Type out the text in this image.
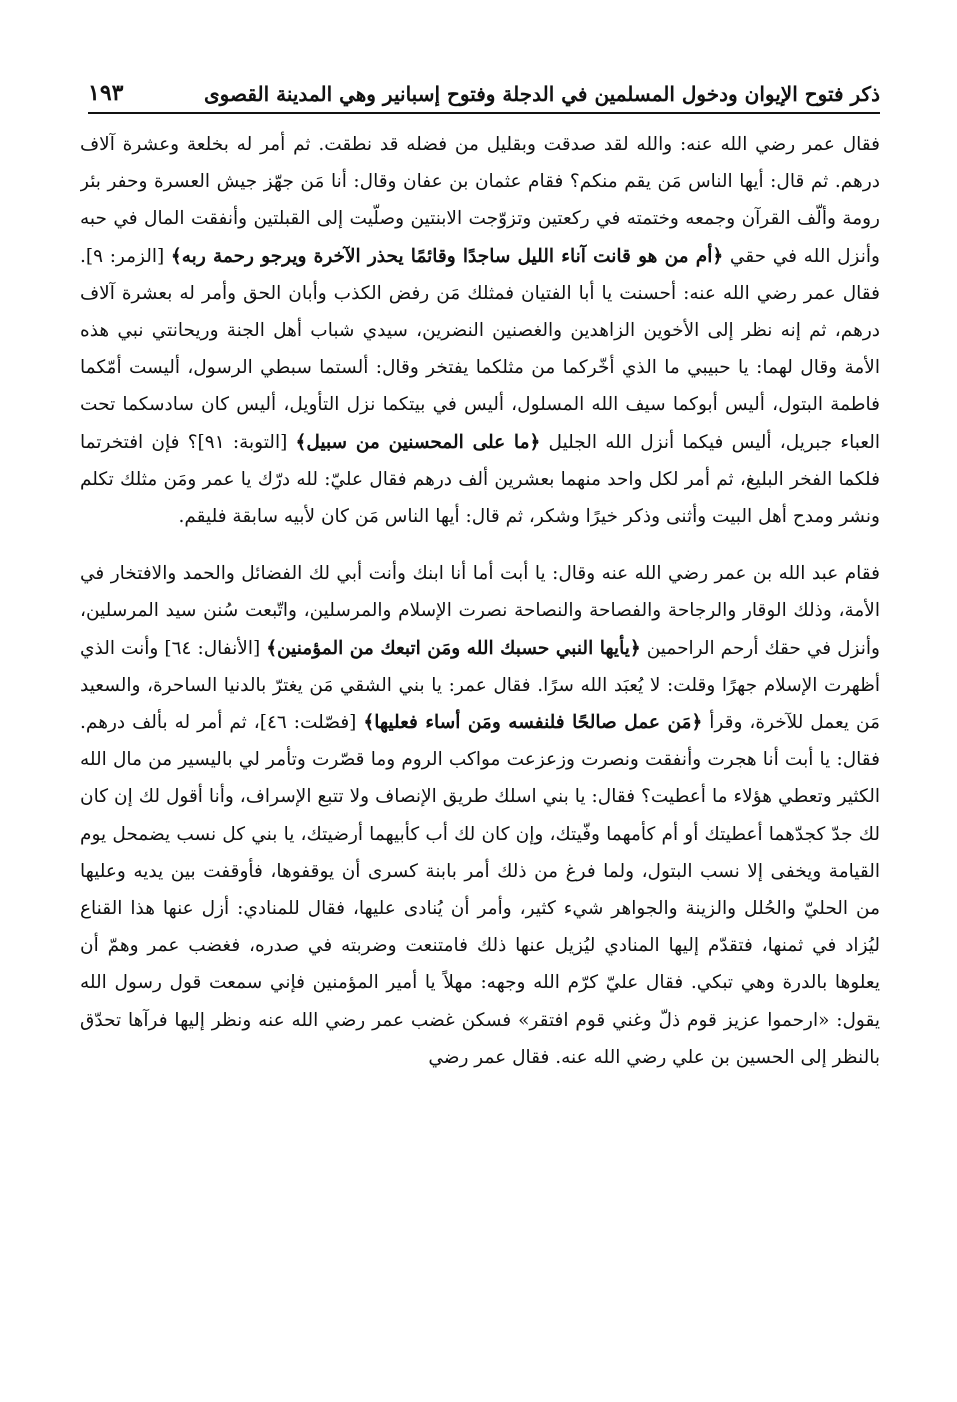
ذكر فتوح الإيوان ودخول المسلمين في الدجلة وفتوح إسبانير وهي المدينة القصوى
١٩٣

فقال عمر رضي الله عنه: والله لقد صدقت وبقليل من فضله قد نطقت. ثم أمر له بخلعة وعشرة آلاف درهم. ثم قال: أيها الناس مَن يقم منكم؟ فقام عثمان بن عفان وقال: أنا مَن جهّز جيش العسرة وحفر بئر رومة وألّف القرآن وجمعه وختمته في ركعتين وتزوّجت الابنتين وصلّيت إلى القبلتين وأنفقت المال في حبه وأنزل الله في حقي ﴿أم من هو قانت آناء الليل ساجدًا وقائمًا يحذر الآخرة ويرجو رحمة ربه﴾ [الزمر: ٩]. فقال عمر رضي الله عنه: أحسنت يا أبا الفتيان فمثلك مَن رفض الكذب وأبان الحق وأمر له بعشرة آلاف درهم، ثم إنه نظر إلى الأخوين الزاهدين والغصنين النضرين، سيدي شباب أهل الجنة وريحانتي نبي هذه الأمة وقال لهما: يا حبيبي ما الذي أخّركما من مثلكما يفتخر وقال: ألستما سبطي الرسول، أليست أمّكما فاطمة البتول، أليس أبوكما سيف الله المسلول، أليس في بيتكما نزل التأويل، أليس كان سادسكما تحت العباء جبريل، أليس فيكما أنزل الله الجليل ﴿ما على المحسنين من سبيل﴾ [التوبة: ٩١]؟ فإن افتخرتما فلكما الفخر البليغ، ثم أمر لكل واحد منهما بعشرين ألف درهم فقال عليّ: لله درّك يا عمر ومَن مثلك تكلم ونشر ومدح أهل البيت وأثنى وذكر خيرًا وشكر، ثم قال: أيها الناس مَن كان لأبيه سابقة فليقم.

فقام عبد الله بن عمر رضي الله عنه وقال: يا أبت أما أنا ابنك وأنت أبي لك الفضائل والحمد والافتخار في الأمة، وذلك الوقار والرجاحة والفصاحة والنصاحة نصرت الإسلام والمرسلين، واتّبعت سُنن سيد المرسلين، وأنزل في حقك أرحم الراحمين ﴿يأيها النبي حسبك الله ومَن اتبعك من المؤمنين﴾ [الأنفال: ٦٤] وأنت الذي أظهرت الإسلام جهرًا وقلت: لا يُعبَد الله سرًا. فقال عمر: يا بني الشقي مَن يغترّ بالدنيا الساحرة، والسعيد مَن يعمل للآخرة، وقرأ ﴿مَن عمل صالحًا فلنفسه ومَن أساء فعليها﴾ [فصّلت: ٤٦]، ثم أمر له بألف درهم. فقال: يا أبت أنا هجرت وأنفقت ونصرت وزعزعت مواكب الروم وما قصّرت وتأمر لي باليسير من مال الله الكثير وتعطي هؤلاء ما أعطيت؟ فقال: يا بني اسلك طريق الإنصاف ولا تتبع الإسراف، وأنا أقول لك إن كان لك جدّ كجدّهما أعطيتك أو أم كأمهما وفّيتك، وإن كان لك أب كأبيهما أرضيتك، يا بني كل نسب يضمحل يوم القيامة ويخفى إلا نسب البتول، ولما فرغ من ذلك أمر بابنة كسرى أن يوقفوها، فأوقفت بين يديه وعليها من الحليّ والحُلل والزينة والجواهر شيء كثير، وأمر أن يُنادى عليها، فقال للمنادي: أزل عنها هذا القناع ليُزاد في ثمنها، فتقدّم إليها المنادي ليُزيل عنها ذلك فامتنعت وضربته في صدره، فغضب عمر وهمّ أن يعلوها بالدرة وهي تبكي. فقال عليّ كرّم الله وجهه: مهلاً يا أمير المؤمنين فإني سمعت قول رسول الله يقول: «ارحموا عزيز قوم ذلّ وغني قوم افتقر» فسكن غضب عمر رضي الله عنه ونظر إليها فرآها تحدّق بالنظر إلى الحسين بن علي رضي الله عنه. فقال عمر رضي
